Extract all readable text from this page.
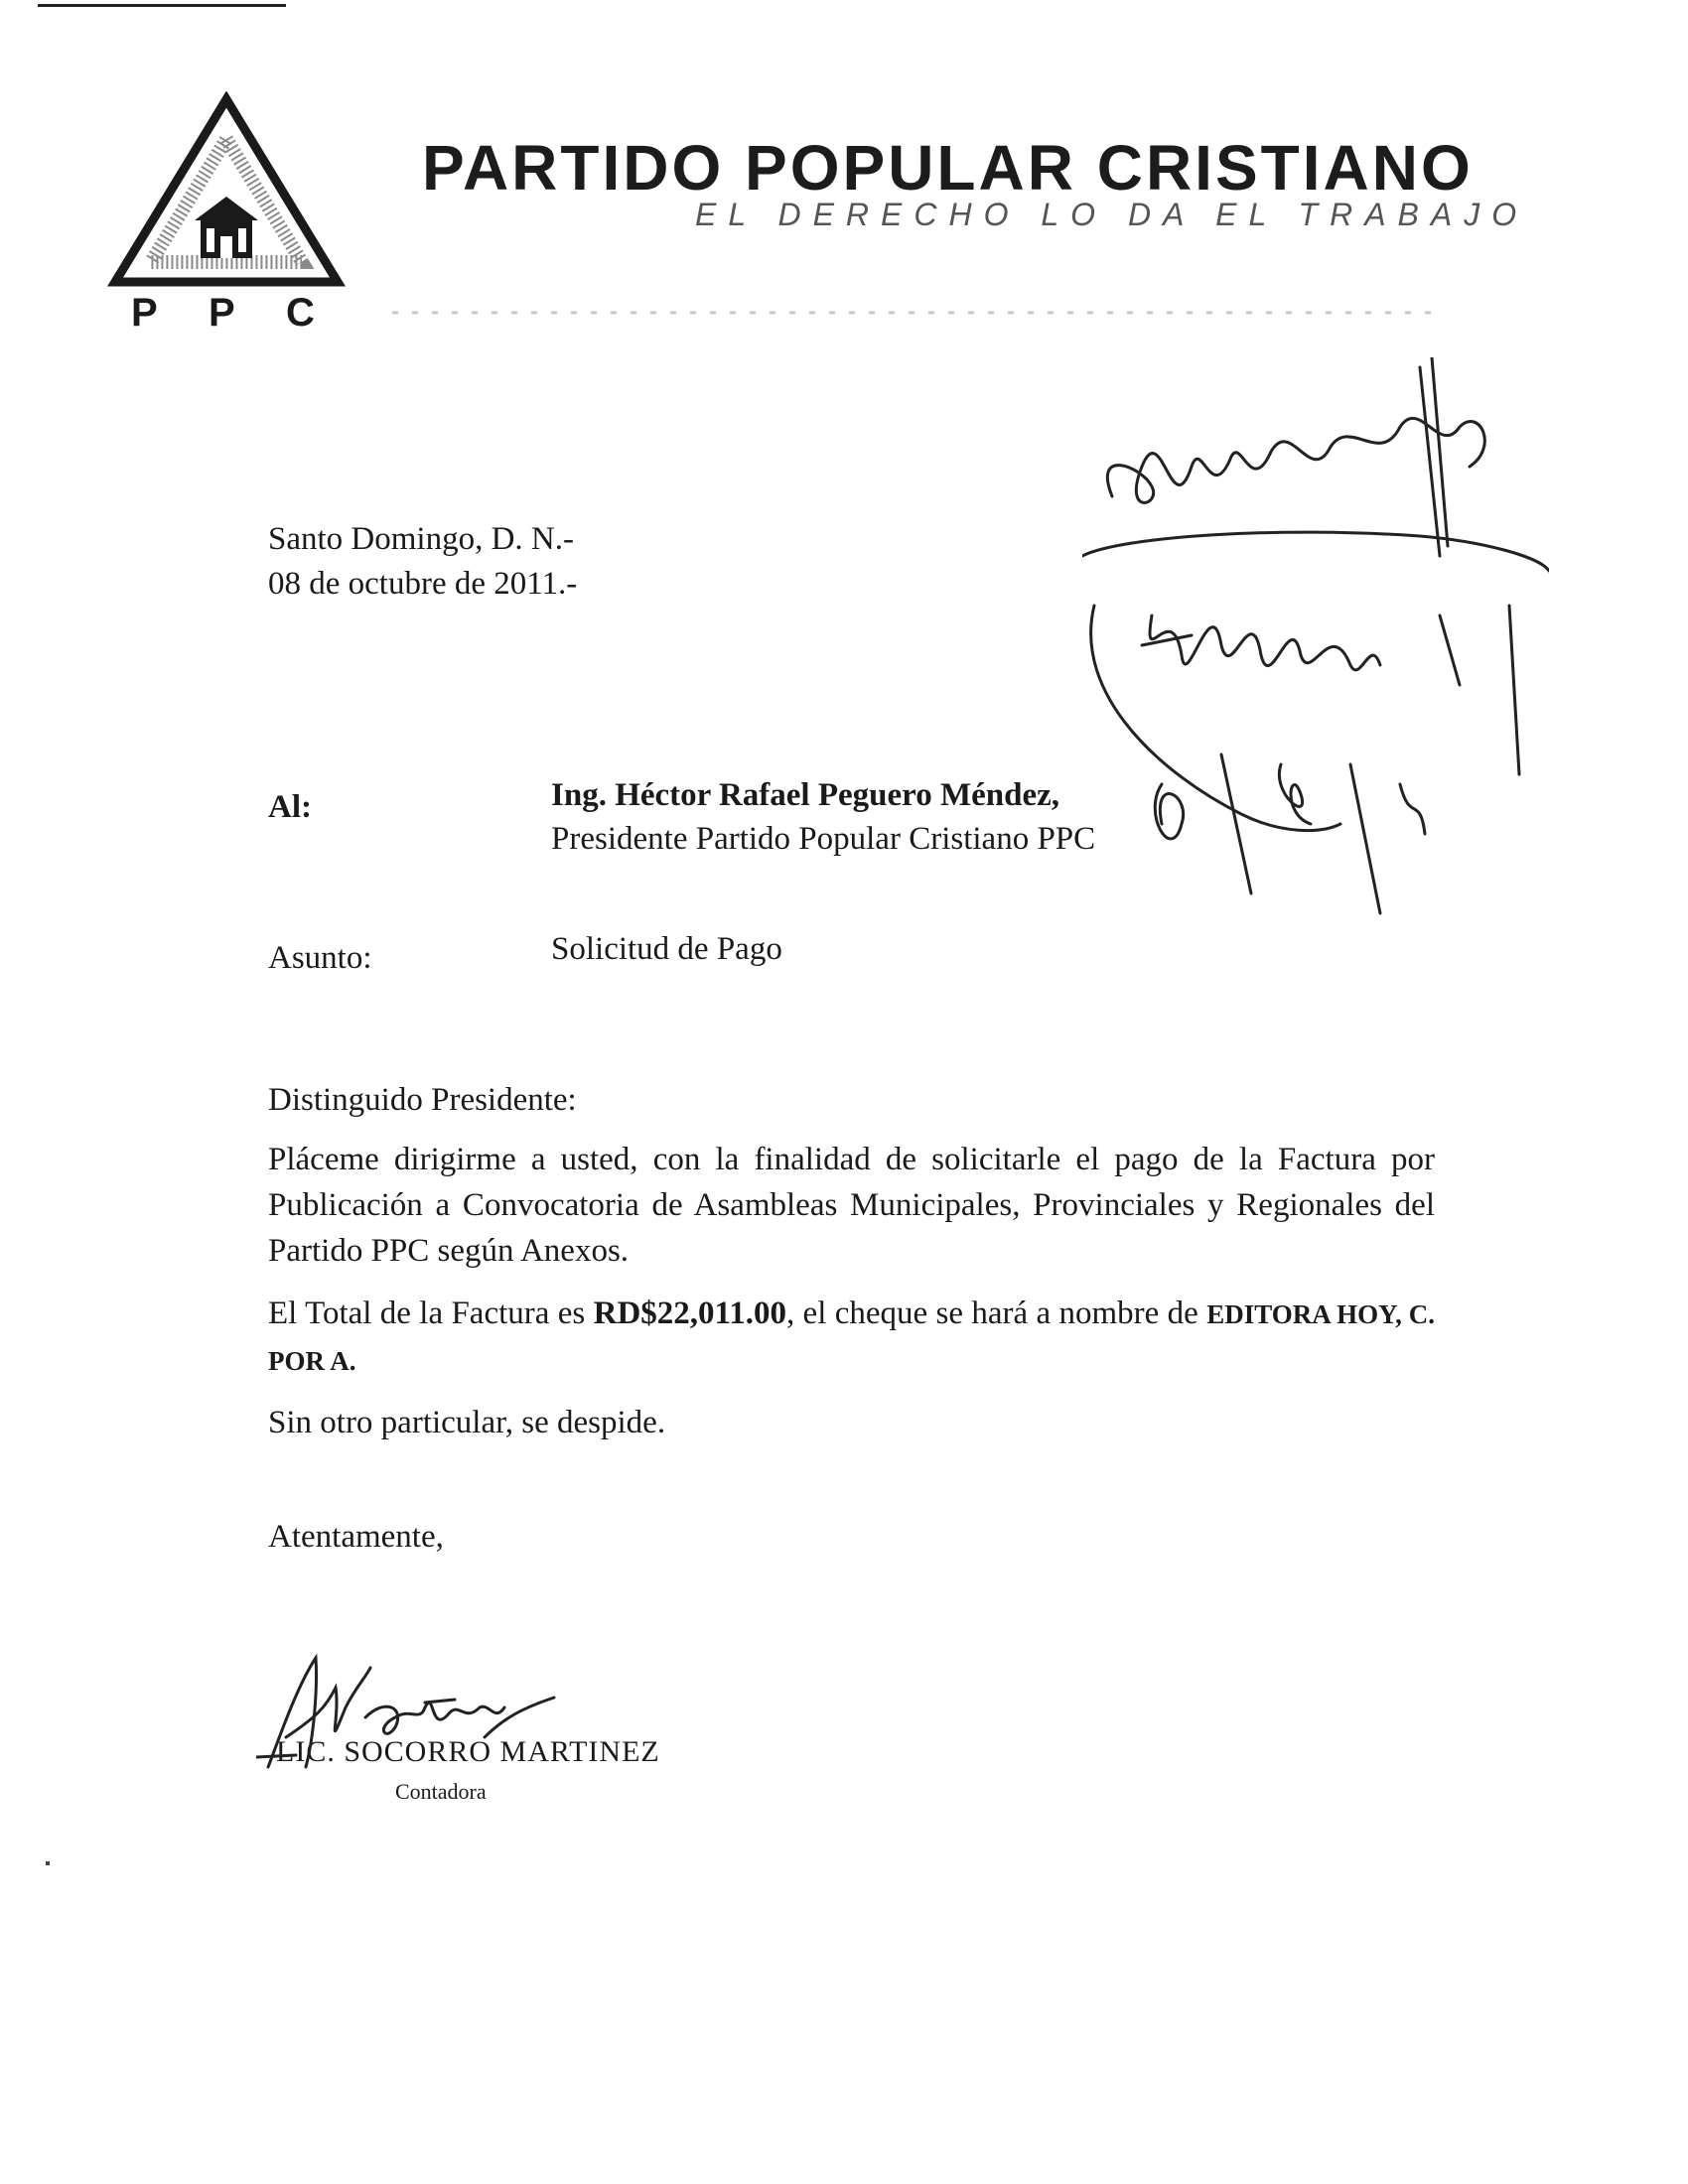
P P C
PARTIDO POPULAR CRISTIANO
EL DERECHO LO DA EL TRABAJO
Santo Domingo, D. N.-
08 de octubre de 2011.-
Al:	Ing. Héctor Rafael Peguero Méndez,
Presidente Partido Popular Cristiano PPC
Asunto:	Solicitud de Pago
Distinguido Presidente:
Pláceme dirigirme a usted, con la finalidad de solicitarle el pago de la Factura por Publicación a Convocatoria de Asambleas Municipales, Provinciales y Regionales del Partido PPC según Anexos.
El Total de la Factura es RD$22,011.00, el cheque se hará a nombre de EDITORA HOY, C. POR A.
Sin otro particular, se despide.
Atentamente,
LIC. SOCORRO MARTINEZ
Contadora
